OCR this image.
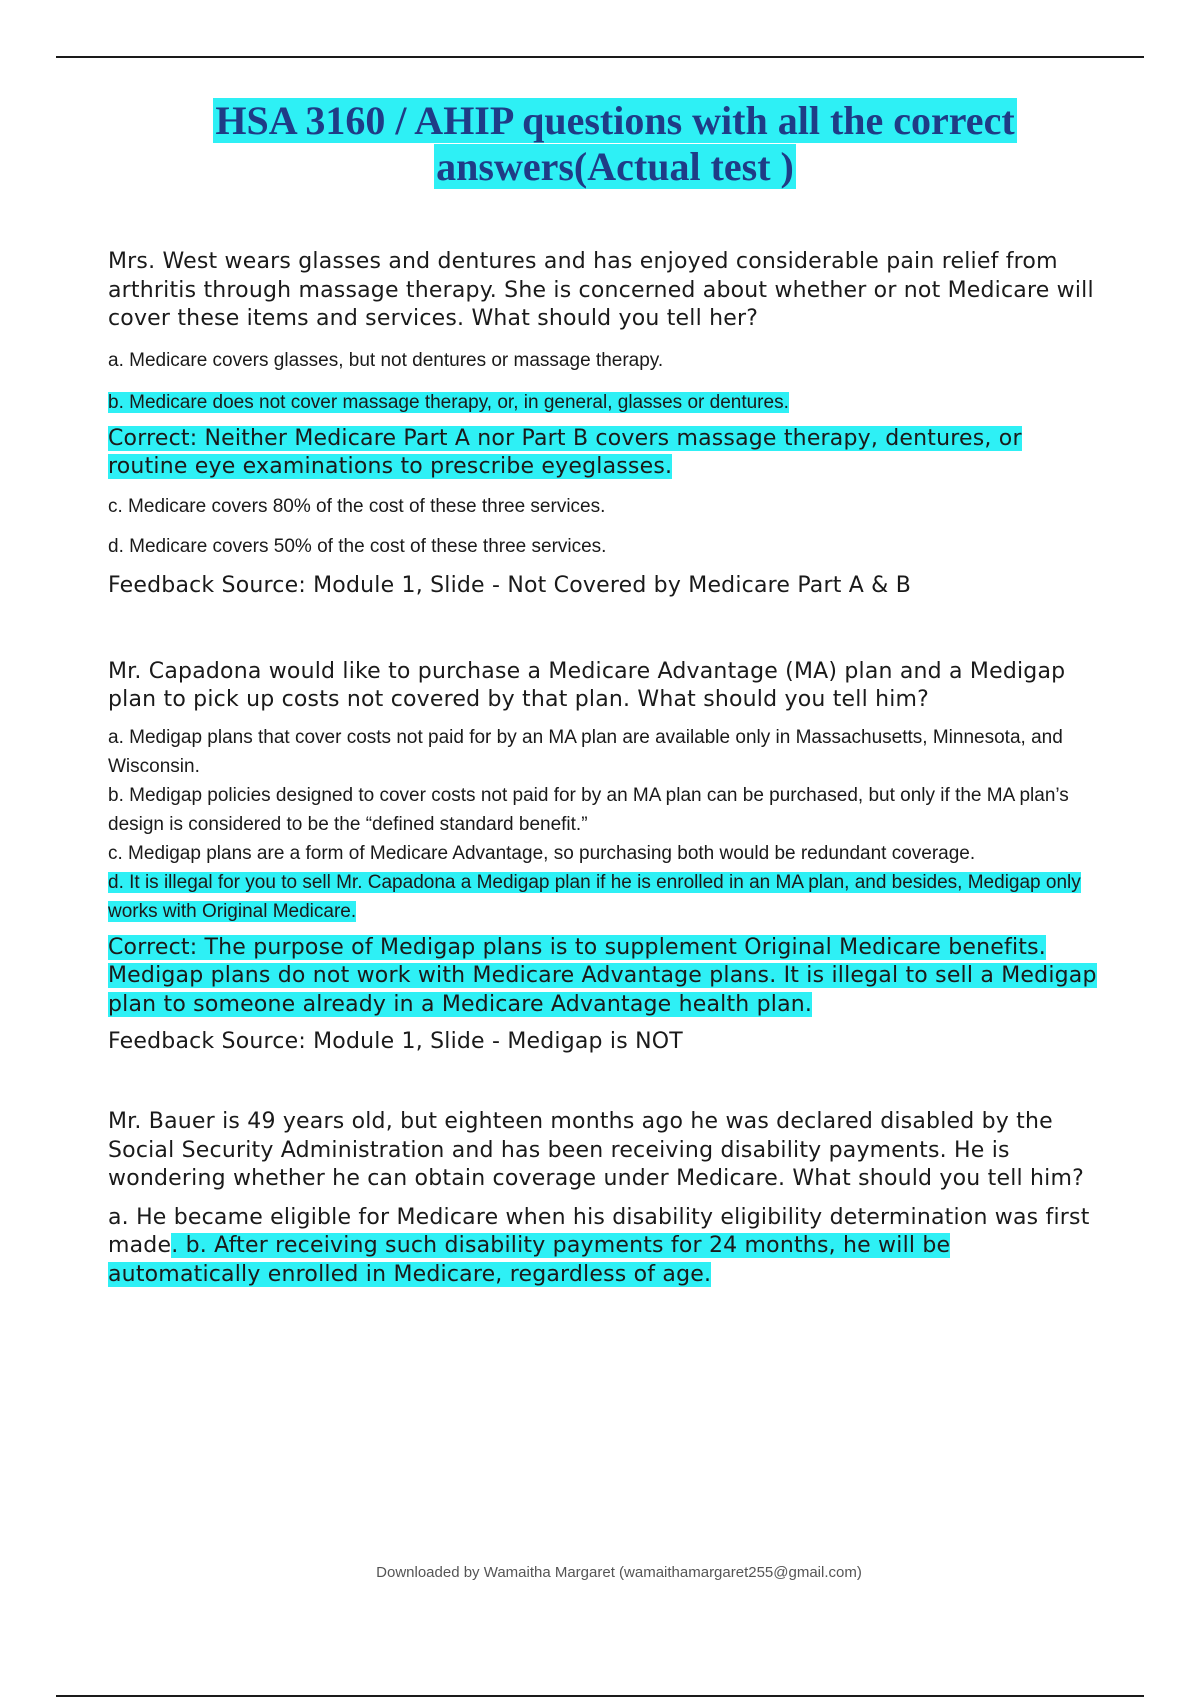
HSA 3160 / AHIP questions with all the correct
answers(Actual test )

Mrs. West wears glasses and dentures and has enjoyed considerable pain relief from arthritis through massage therapy. She is concerned about whether or not Medicare will cover these items and services. What should you tell her?

a. Medicare covers glasses, but not dentures or massage therapy.

b. Medicare does not cover massage therapy, or, in general, glasses or dentures.

Correct: Neither Medicare Part A nor Part B covers massage therapy, dentures, or routine eye examinations to prescribe eyeglasses.

c. Medicare covers 80% of the cost of these three services.

d. Medicare covers 50% of the cost of these three services.

Feedback Source: Module 1, Slide - Not Covered by Medicare Part A & B

Mr. Capadona would like to purchase a Medicare Advantage (MA) plan and a Medigap plan to pick up costs not covered by that plan. What should you tell him?

a. Medigap plans that cover costs not paid for by an MA plan are available only in Massachusetts, Minnesota, and Wisconsin.

b. Medigap policies designed to cover costs not paid for by an MA plan can be purchased, but only if the MA plan’s design is considered to be the “defined standard benefit.”

c. Medigap plans are a form of Medicare Advantage, so purchasing both would be redundant coverage.

d. It is illegal for you to sell Mr. Capadona a Medigap plan if he is enrolled in an MA plan, and besides, Medigap only works with Original Medicare.

Correct: The purpose of Medigap plans is to supplement Original Medicare benefits. Medigap plans do not work with Medicare Advantage plans. It is illegal to sell a Medigap plan to someone already in a Medicare Advantage health plan.

Feedback Source: Module 1, Slide - Medigap is NOT

Mr. Bauer is 49 years old, but eighteen months ago he was declared disabled by the Social Security Administration and has been receiving disability payments. He is wondering whether he can obtain coverage under Medicare. What should you tell him?

a. He became eligible for Medicare when his disability eligibility determination was first made. b. After receiving such disability payments for 24 months, he will be automatically enrolled in Medicare, regardless of age.

Downloaded by Wamaitha Margaret (wamaithamargaret255@gmail.com)
